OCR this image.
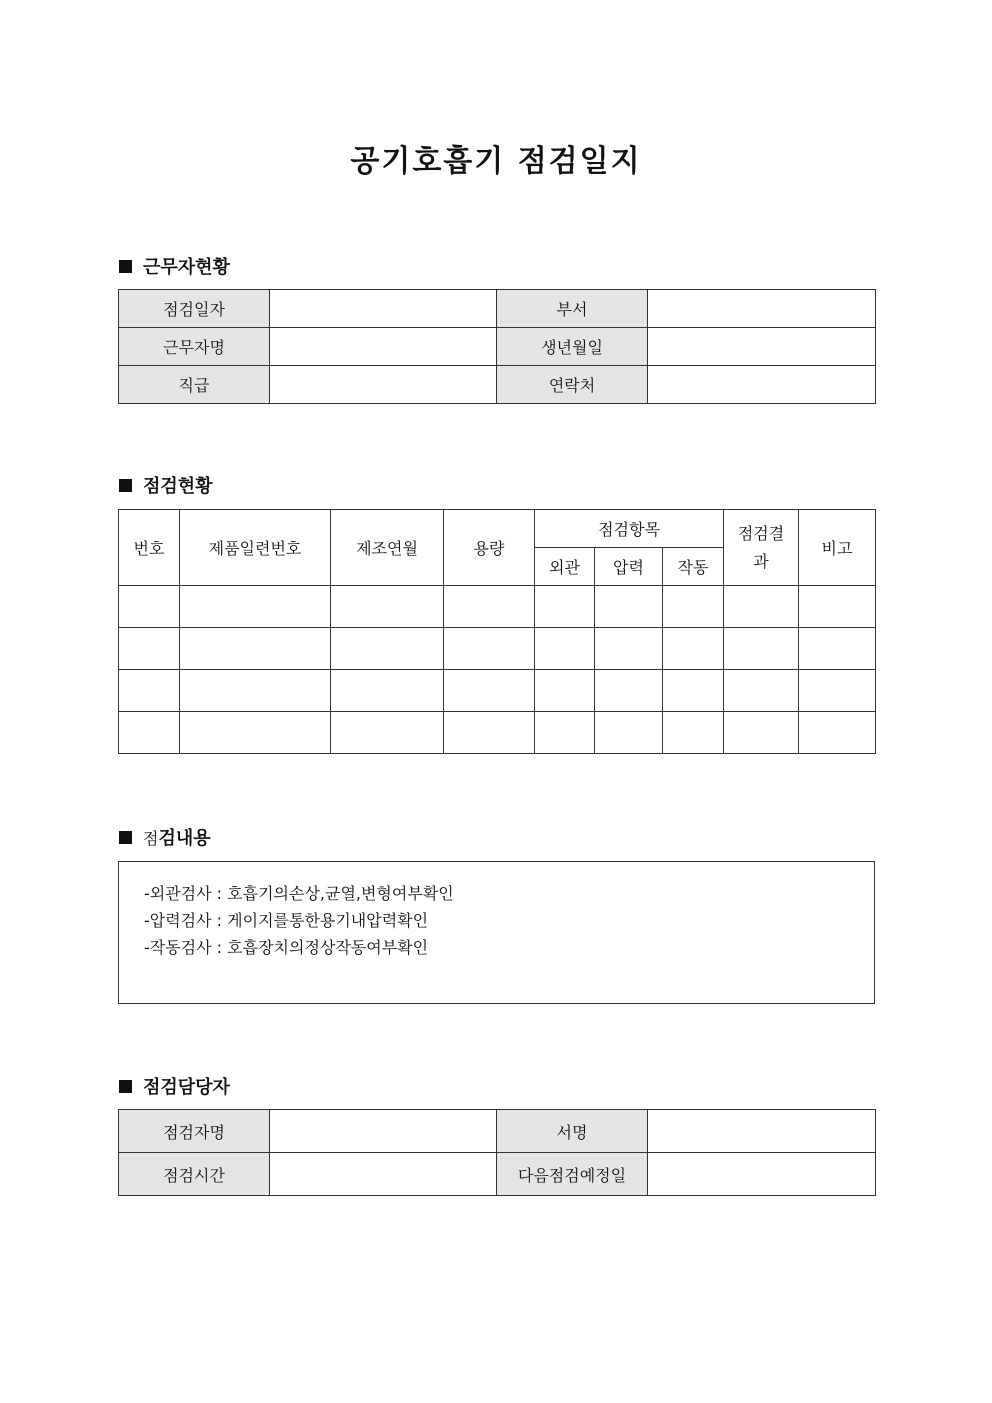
공기호흡기 점검일지
근무자현황
점검일자		부서	
근무자명		생년월일	
직급		연락처	
점검현황
번호	제품일련번호	제조연월	용량	점검항목			점검결과	비고
				외관	압력	작동		

점 검내용
-외관검사 : 호흡기의손상,균열,변형여부확인
-압력검사 : 게이지를통한용기내압력확인
-작동검사 : 호흡장치의정상작동여부확인
점검담당자
점검자명		서명	
점검시간		다음점검예정일	
